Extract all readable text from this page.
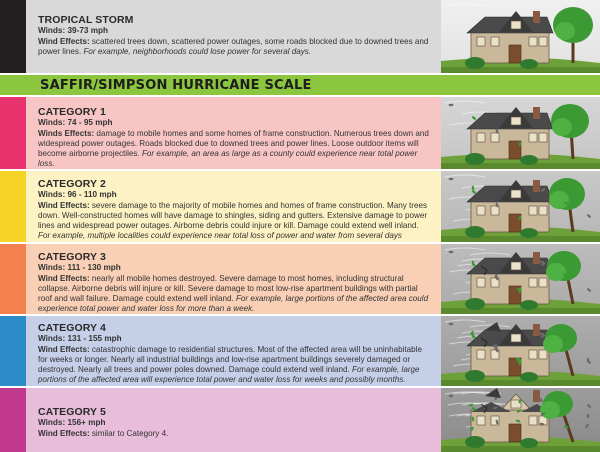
TROPICAL STORM
Winds: 39-73 mph
Wind Effects: scattered trees down, scattered power outages, some roads blocked due to downed trees and power lines. For example, neighborhoods could lose power for several days.
SAFFIR/SIMPSON HURRICANE SCALE
CATEGORY 1
Winds: 74 - 95 mph
Winds Effects: damage to mobile homes and some homes of frame construction. Numerous trees down and widespread power outages. Roads blocked due to downed trees and power lines. Loose outdoor items will become airborne projectiles. For example, an area as large as a county could experience near total power loss.
CATEGORY 2
Winds: 96 - 110 mph
Wind Effects: severe damage to the majority of mobile homes and homes of frame construction. Many trees down. Well-constructed homes will have damage to shingles, siding and gutters. Extensive damage to power lines and widespread power outages. Airborne debris could injure or kill. Damage could extend well inland. For example, multiple localities could experience near total loss of power and water from several days
CATEGORY 3
Winds: 111 - 130 mph
Wind Effects: nearly all mobile homes destroyed. Severe damage to most homes, including structural collapse. Airborne debris will injure or kill. Severe damage to most low-rise apartment buildings with partial roof and wall failure. Damage could extend well inland. For example, large portions of the affected area could experience total power and water loss for more than a week.
CATEGORY 4
Winds: 131 - 155 mph
Wind Effects: catastrophic damage to residential structures. Most of the affected area will be uninhabitable for weeks or longer. Nearly all industrial buildings and low-rise apartment buildings severely damaged or destroyed. Nearly all trees and power poles downed. Damage could extend well inland. For example, large portions of the affected area will experience total power and water loss for weeks and possibly months.
CATEGORY 5
Winds: 156+ mph
Wind Effects: similar to Category 4.
